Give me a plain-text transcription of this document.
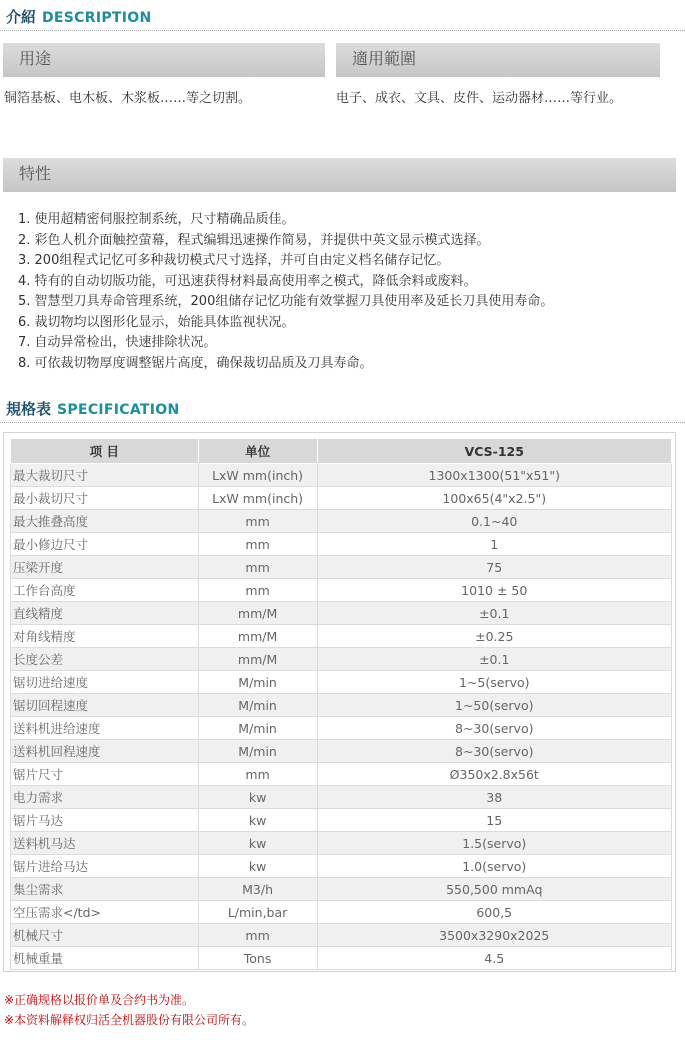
介紹 DESCRIPTION
用途
铜箔基板、电木板、木浆板……等之切割。
適用範圍
电子、成衣、文具、皮件、运动器材……等行业。
特性
1. 使用超精密伺服控制系统，尺寸精确品质佳。
2. 彩色人机介面触控萤幕，程式编辑迅速操作简易，并提供中英文显示模式选择。
3. 200组程式记忆可多种裁切模式尺寸选择，并可自由定义档名储存记忆。
4. 特有的自动切版功能，可迅速获得材料最高使用率之模式，降低余料或废料。
5. 智慧型刀具寿命管理系统，200组储存记忆功能有效掌握刀具使用率及延长刀具使用寿命。
6. 裁切物均以图形化显示，始能具体监视状况。
7. 自动异常检出，快速排除状况。
8. 可依裁切物厚度调整锯片高度，确保裁切品质及刀具寿命。
規格表 SPECIFICATION
项 目	单位	VCS-125
最大裁切尺寸	LxW mm(inch)	1300x1300(51"x51")
最小裁切尺寸	LxW mm(inch)	100x65(4"x2.5")
最大推叠高度	mm	0.1~40
最小修边尺寸	mm	1
压梁开度	mm	75
工作台高度	mm	1010 ± 50
直线精度	mm/M	±0.1
对角线精度	mm/M	±0.25
长度公差	mm/M	±0.1
锯切进给速度	M/min	1~5(servo)
锯切回程速度	M/min	1~50(servo)
送料机进给速度	M/min	8~30(servo)
送料机回程速度	M/min	8~30(servo)
锯片尺寸	mm	Ø350x2.8x56t
电力需求	kw	38
锯片马达	kw	15
送料机马达	kw	1.5(servo)
锯片进给马达	kw	1.0(servo)
集尘需求	M3/h	550,500 mmAq
空压需求</td>	L/min,bar	600,5
机械尺寸	mm	3500x3290x2025
机械重量	Tons	4.5
※正确规格以报价单及合约书为准。
※本资料解释权归活全机器股份有限公司所有。
